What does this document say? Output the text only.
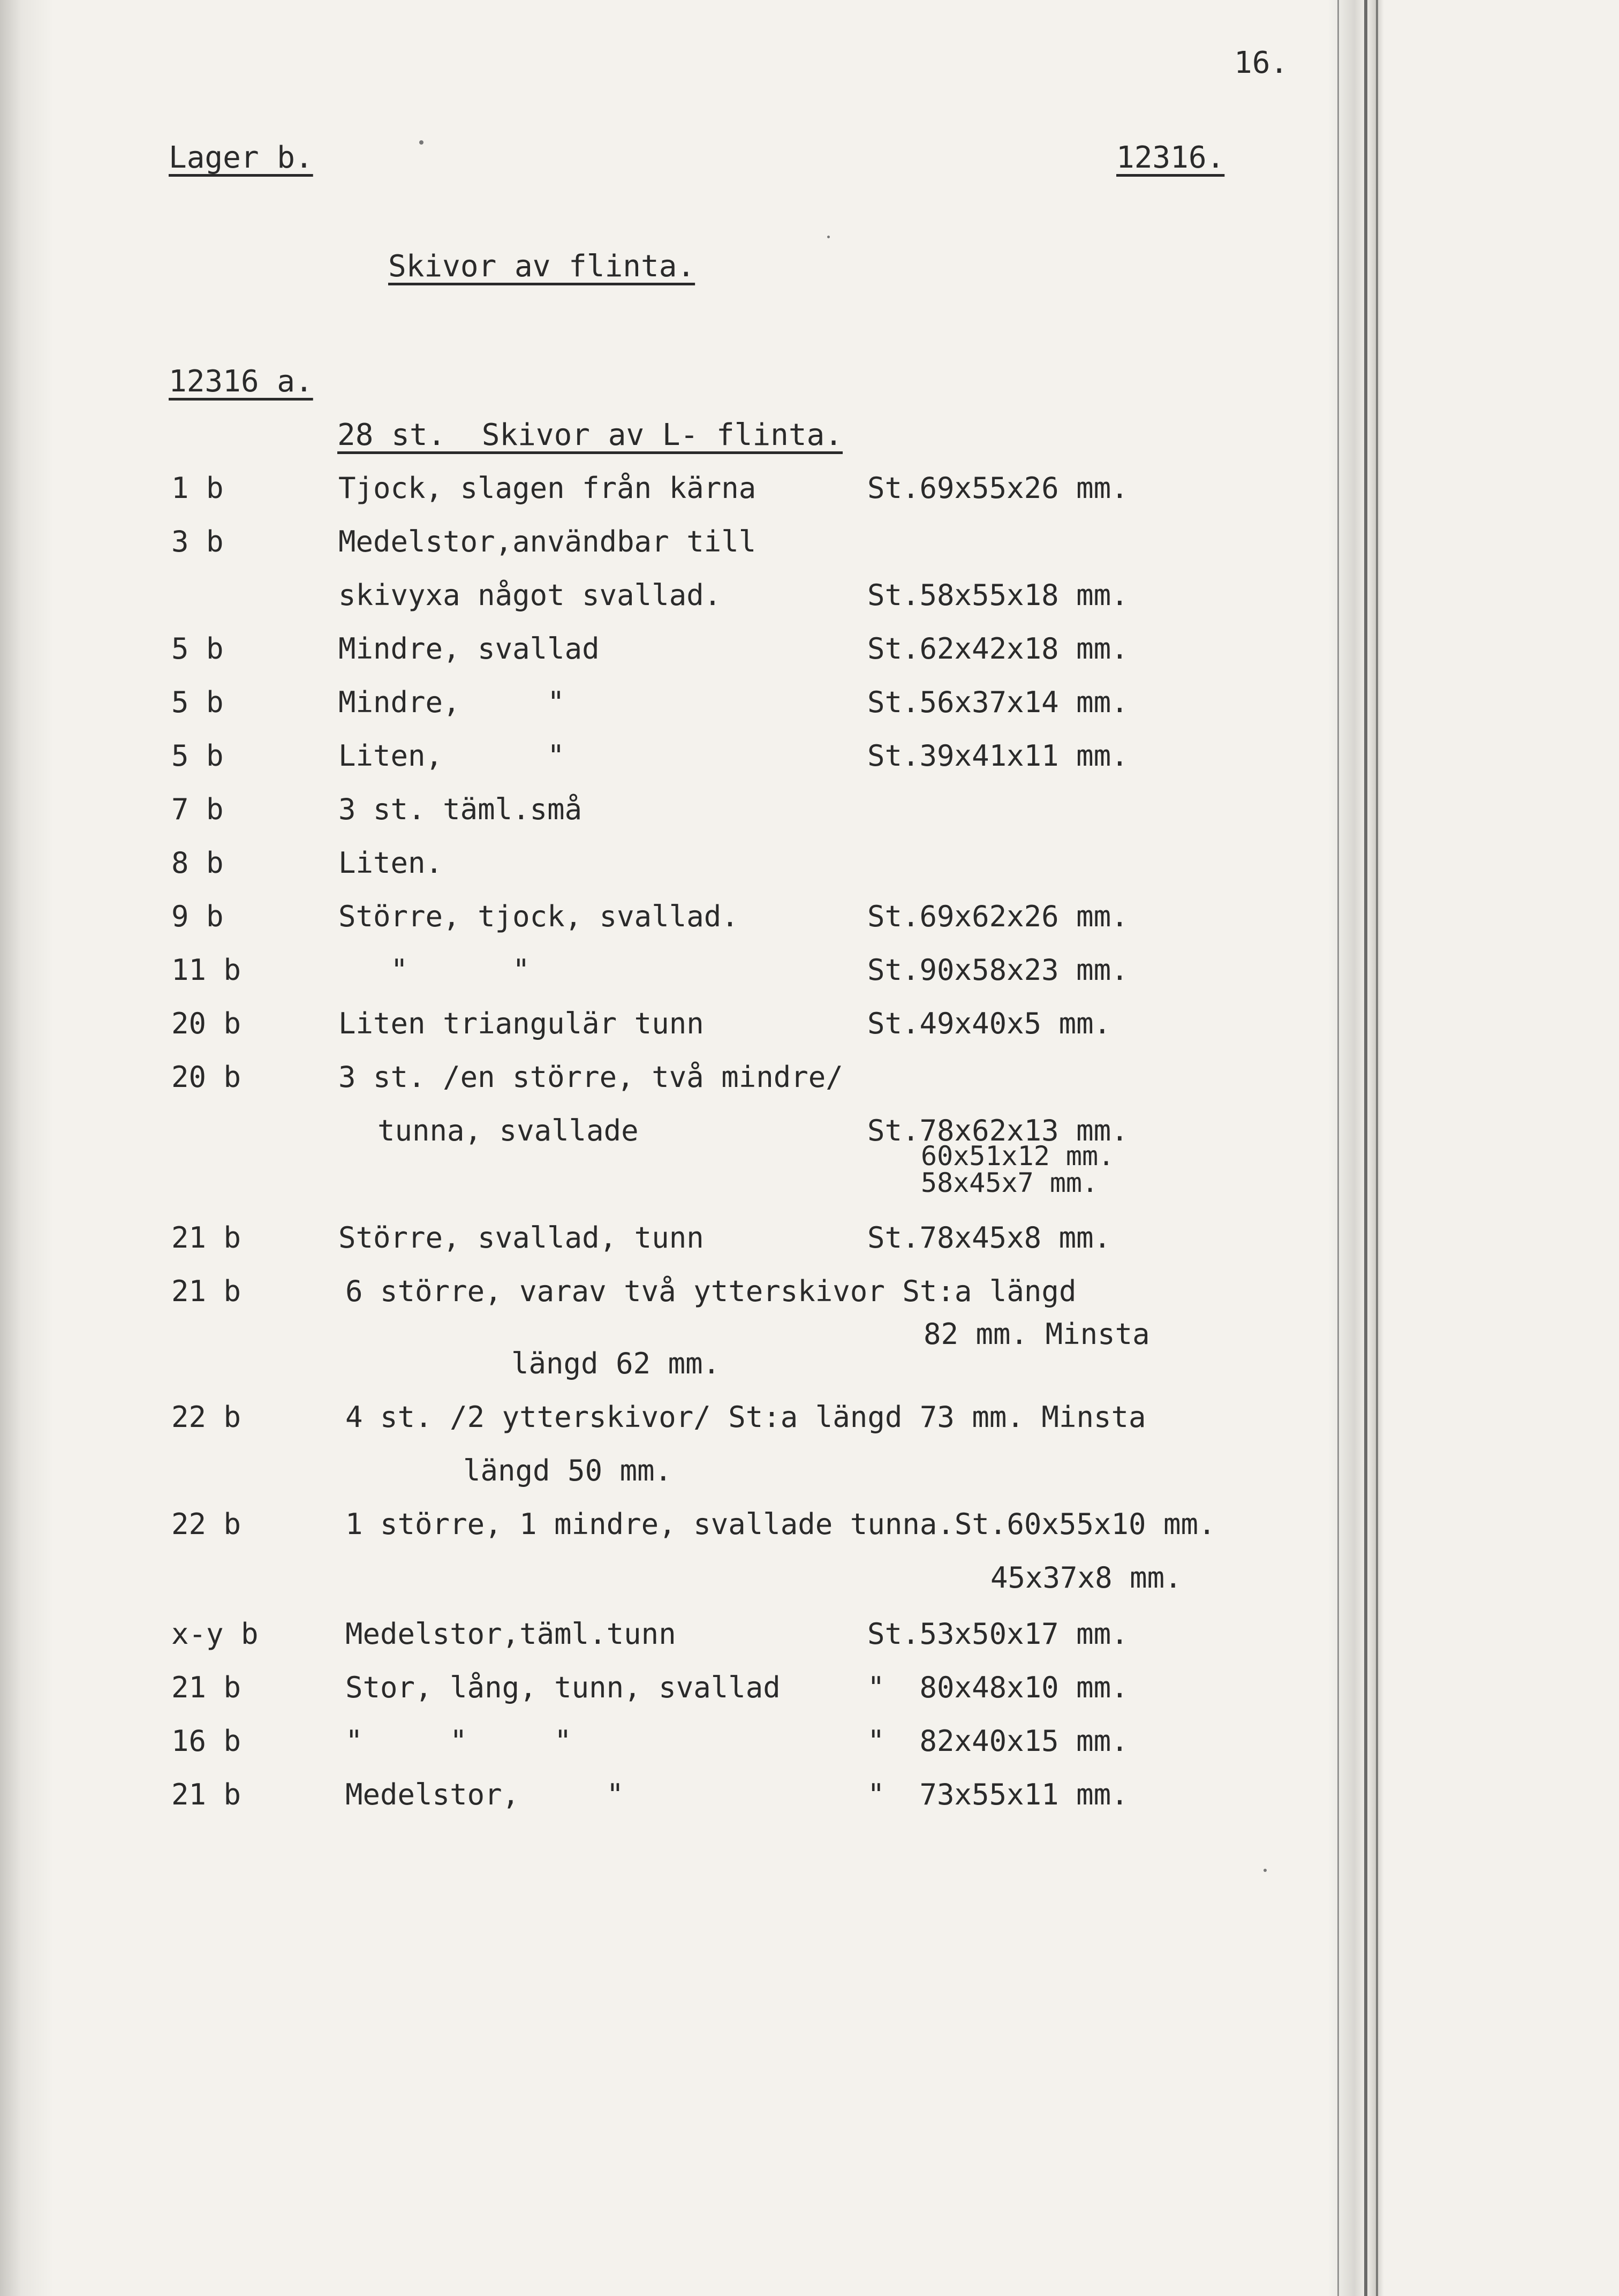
16.
Lager b.	12316.
Skivor av flinta.
12316 a.
28 st.  Skivor av L- flinta.
1 b	Tjock, slagen från kärna	St.69x55x26 mm.
3 b	Medelstor,användbar till
skivyxa något svallad.	St.58x55x18 mm.
5 b	Mindre, svallad	St.62x42x18 mm.
5 b	Mindre,     "	St.56x37x14 mm.
5 b	Liten,      "	St.39x41x11 mm.
7 b	3 st. täml.små
8 b	Liten.
9 b	Större, tjock, svallad.	St.69x62x26 mm.
11 b	"      "	St.90x58x23 mm.
20 b	Liten triangulär tunn	St.49x40x5 mm.
20 b	3 st. /en större, två mindre/
tunna, svallade	St.78x62x13 mm.
60x51x12 mm.
58x45x7 mm.
21 b	Större, svallad, tunn	St.78x45x8 mm.
21 b	6 större, varav två ytterskivor St:a längd
82 mm. Minsta
längd 62 mm.
22 b	4 st. /2 ytterskivor/ St:a längd 73 mm. Minsta
längd 50 mm.
22 b	1 större, 1 mindre, svallade tunna.St.60x55x10 mm.
45x37x8 mm.
x-y b	Medelstor,täml.tunn	St.53x50x17 mm.
21 b	Stor, lång, tunn, svallad	"  80x48x10 mm.
16 b	"     "     "	"  82x40x15 mm.
21 b	Medelstor,     "	"  73x55x11 mm.
